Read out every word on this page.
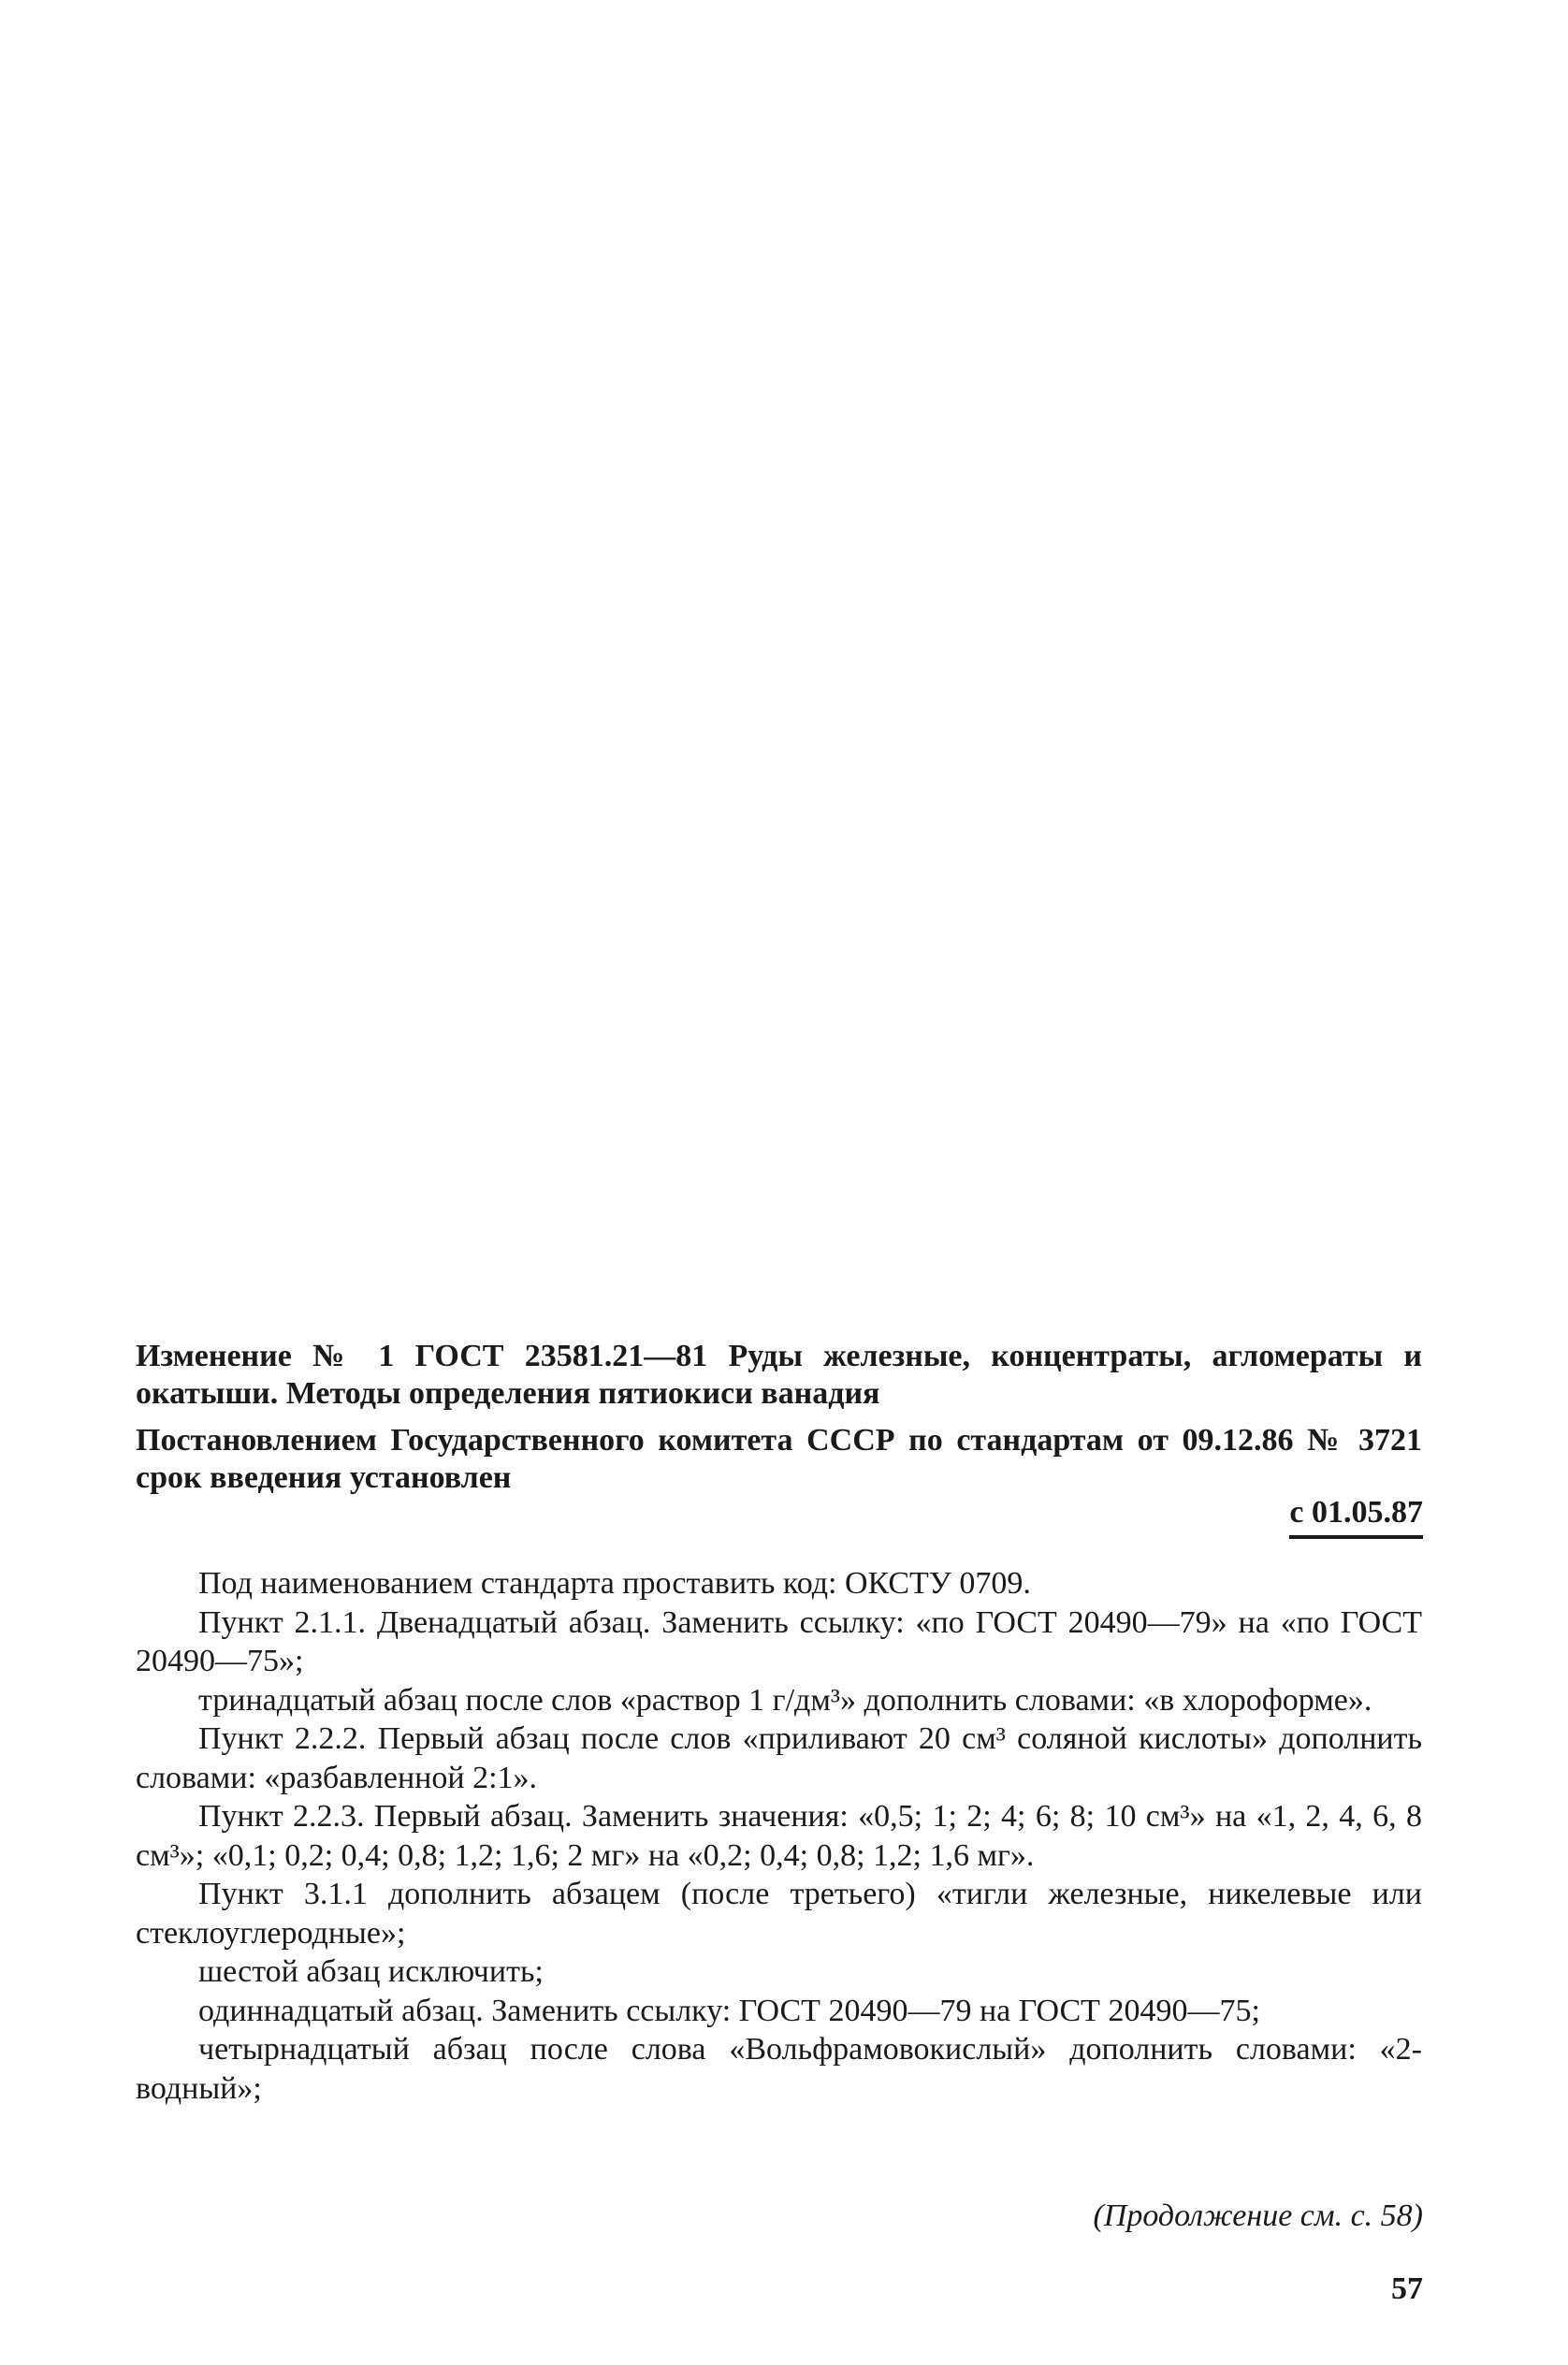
Изменение № 1 ГОСТ 23581.21—81 Руды железные, концентраты, агломераты и окатыши. Методы определения пятиокиси ванадия
Постановлением Государственного комитета СССР по стандартам от 09.12.86 № 3721 срок введения установлен
с 01.05.87

Под наименованием стандарта проставить код: ОКСТУ 0709.

Пункт 2.1.1. Двенадцатый абзац. Заменить ссылку: «по ГОСТ 20490—79» на «по ГОСТ 20490—75»;

тринадцатый абзац после слов «раствор 1 г/дм³» дополнить словами: «в хлороформе».

Пункт 2.2.2. Первый абзац после слов «приливают 20 см³ соляной кислоты» дополнить словами: «разбавленной 2:1».

Пункт 2.2.3. Первый абзац. Заменить значения: «0,5; 1; 2; 4; 6; 8; 10 см³» на «1, 2, 4, 6, 8 см³»; «0,1; 0,2; 0,4; 0,8; 1,2; 1,6; 2 мг» на «0,2; 0,4; 0,8; 1,2; 1,6 мг».

Пункт 3.1.1 дополнить абзацем (после третьего) «тигли железные, никелевые или стеклоуглеродные»;

шестой абзац исключить;

одиннадцатый абзац. Заменить ссылку: ГОСТ 20490—79 на ГОСТ 20490—75;

четырнадцатый абзац после слова «Вольфрамовокислый» дополнить словами: «2-водный»;

(Продолжение см. с. 58)
57
